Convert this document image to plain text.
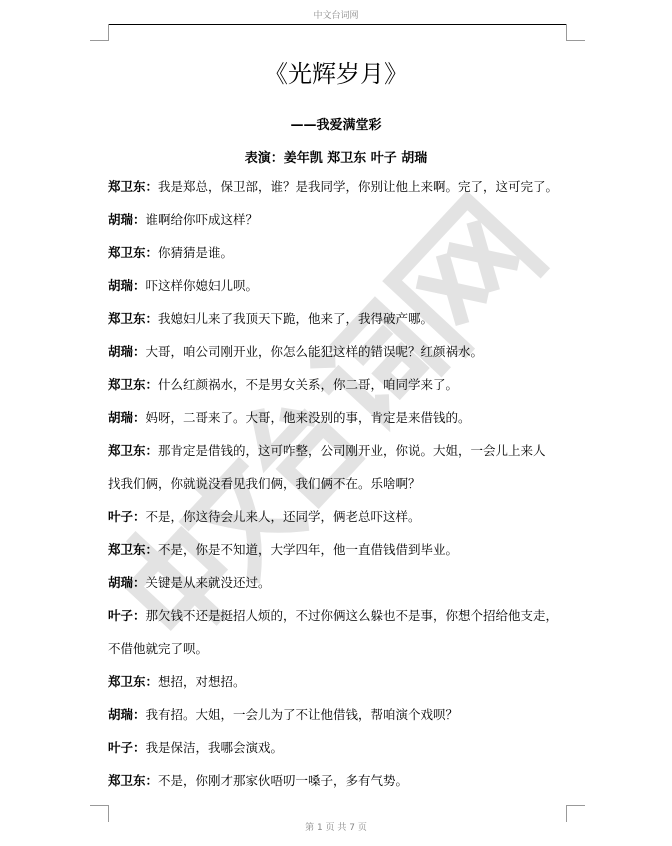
中文台词网
《光辉岁月》
——我爱满堂彩
表演：姜年凯 郑卫东 叶子 胡瑞
郑卫东：我是郑总，保卫部，谁？是我同学，你别让他上来啊。完了，这可完了。
胡瑞：谁啊给你吓成这样？
郑卫东：你猜猜是谁。
胡瑞：吓这样你媳妇儿呗。
郑卫东：我媳妇儿来了我顶天下跪，他来了，我得破产哪。
胡瑞：大哥，咱公司刚开业，你怎么能犯这样的错误呢？红颜祸水。
郑卫东：什么红颜祸水，不是男女关系，你二哥，咱同学来了。
胡瑞：妈呀，二哥来了。大哥，他来没别的事，肯定是来借钱的。
郑卫东：那肯定是借钱的，这可咋整，公司刚开业，你说。大姐，一会儿上来人
找我们俩，你就说没看见我们俩，我们俩不在。乐啥啊？
叶子：不是，你这待会儿来人，还同学，俩老总吓这样。
郑卫东：不是，你是不知道，大学四年，他一直借钱借到毕业。
胡瑞：关键是从来就没还过。
叶子：那欠钱不还是挺招人烦的，不过你俩这么躲也不是事，你想个招给他支走，
不借他就完了呗。
郑卫东：想招，对想招。
胡瑞：我有招。大姐，一会儿为了不让他借钱，帮咱演个戏呗？
叶子：我是保洁，我哪会演戏。
郑卫东：不是，你刚才那家伙唔叨一嗓子，多有气势。
第 1 页 共 7 页
